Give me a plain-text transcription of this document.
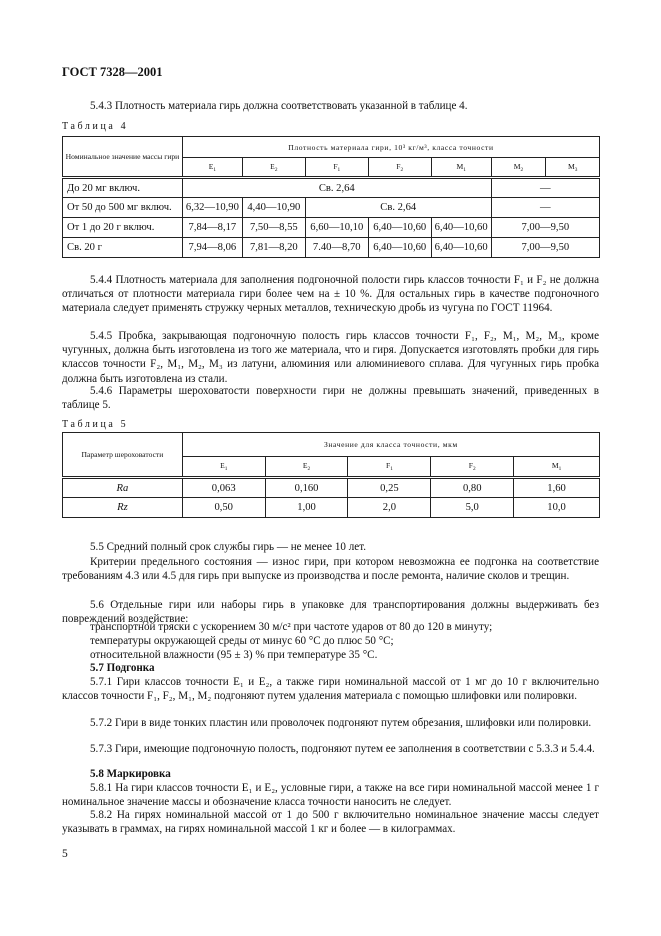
ГОСТ 7328—2001

5.4.3 Плотность материала гирь должна соответствовать указанной в таблице 4.

Таблица 4
Номинальное значение массы гири	Плотность материала гири, 10³ кг/м³, класса точности						
	$E_1$	$E_2$	$F_1$	$F_2$	$M_1$	$M_2$	$M_3$
До 20 мг включ.	Св. 2,64					—	
От 50 до 500 мг включ.	6,32—10,90	4,40—10,90	Св. 2,64			—	
От 1 до 20 г включ.	7,84—8,17	7,50—8,55	6,60—10,10	6,40—10,60	6,40—10,60	7,00—9,50	
Св. 20 г	7,94—8,06	7,81—8,20	7.40—8,70	6,40—10,60	6,40—10,60	7,00—9,50	

5.4.4 Плотность материала для заполнения подгоночной полости гирь классов точности F₁ и F₂ не должна отличаться от плотности материала гири более чем на ± 10 %. Для остальных гирь в качестве подгоночного материала следует применять стружку черных металлов, техническую дробь из чугуна по ГОСТ 11964.

5.4.5 Пробка, закрывающая подгоночную полость гирь классов точности F₁, F₂, M₁, M₂, M₃, кроме чугунных, должна быть изготовлена из того же материала, что и гиря. Допускается изготовлять пробки для гирь классов точности F₂, M₁, M₂, M₃ из латуни, алюминия или алюминиевого сплава. Для чугунных гирь пробка должна быть изготовлена из стали.

5.4.6 Параметры шероховатости поверхности гири не должны превышать значений, приведенных в таблице 5.

Таблица 5
Параметр шероховатости	Значение для класса точности, мкм				
	$E_1$	$E_2$	$F_1$	$F_2$	$M_1$
Ra	0,063	0,160	0,25	0,80	1,60
Rz	0,50	1,00	2,0	5,0	10,0

5.5 Средний полный срок службы гирь — не менее 10 лет.

Критерии предельного состояния — износ гири, при котором невозможна ее подгонка на соответствие требованиям 4.3 или 4.5 для гирь при выпуске из производства и после ремонта, наличие сколов и трещин.

5.6 Отдельные гири или наборы гирь в упаковке для транспортирования должны выдерживать без повреждений воздействие:

транспортной тряски с ускорением 30 м/с² при частоте ударов от 80 до 120 в минуту;

температуры окружающей среды от минус 60 °С до плюс 50 °С;

относительной влажности (95 ± 3) % при температуре 35 °С.

5.7 Подгонка

5.7.1 Гири классов точности E₁ и E₂, а также гири номинальной массой от 1 мг до 10 г включительно классов точности F₁, F₂, M₁, M₂ подгоняют путем удаления материала с помощью шлифовки или полировки.

5.7.2 Гири в виде тонких пластин или проволочек подгоняют путем обрезания, шлифовки или полировки.

5.7.3 Гири, имеющие подгоночную полость, подгоняют путем ее заполнения в соответствии с 5.3.3 и 5.4.4.

5.8 Маркировка

5.8.1 На гири классов точности E₁ и E₂, условные гири, а также на все гири номинальной массой менее 1 г номинальное значение массы и обозначение класса точности наносить не следует.

5.8.2 На гирях номинальной массой от 1 до 500 г включительно номинальное значение массы следует указывать в граммах, на гирях номинальной массой 1 кг и более — в килограммах.

5
